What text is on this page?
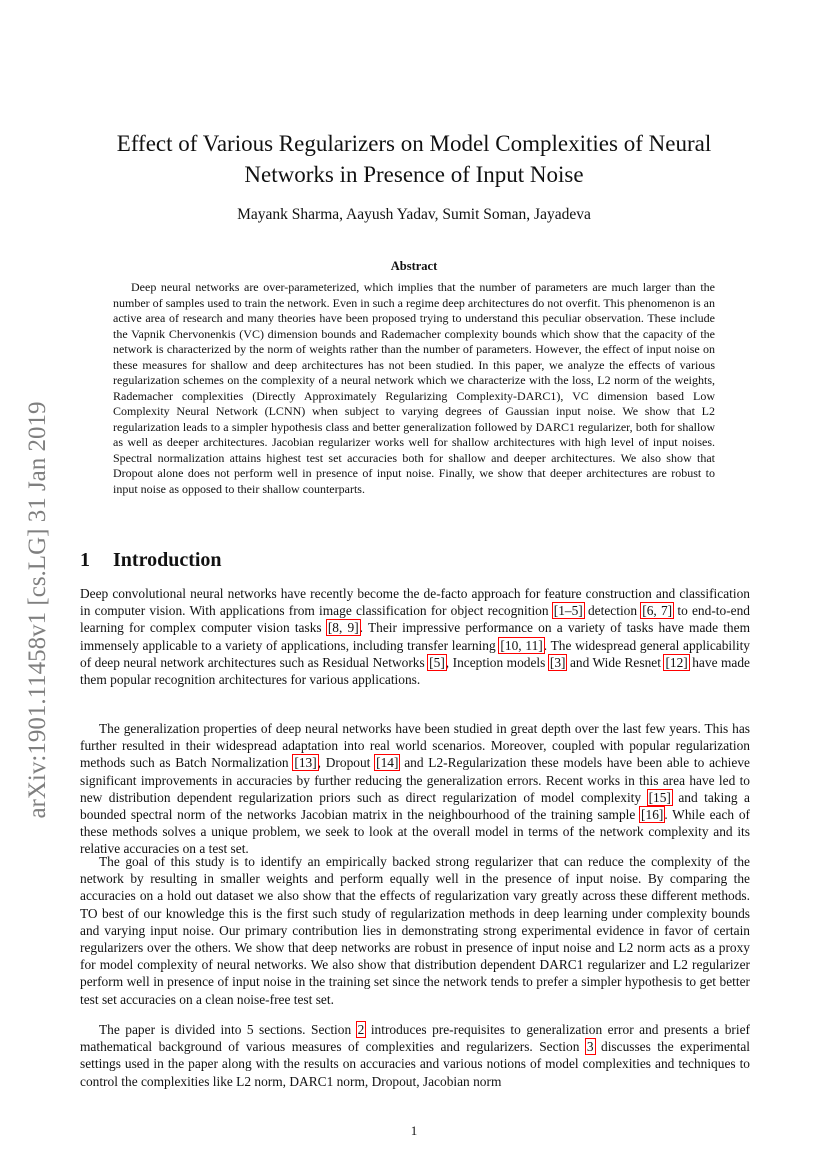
arXiv:1901.11458v1 [cs.LG] 31 Jan 2019
Effect of Various Regularizers on Model Complexities of Neural Networks in Presence of Input Noise

Mayank Sharma, Aayush Yadav, Sumit Soman, Jayadeva

Abstract

Deep neural networks are over-parameterized, which implies that the number of parameters are much larger than the number of samples used to train the network. Even in such a regime deep architectures do not overfit. This phenomenon is an active area of research and many theories have been proposed trying to understand this peculiar observation. These include the Vapnik Chervonenkis (VC) dimension bounds and Rademacher complexity bounds which show that the capacity of the network is characterized by the norm of weights rather than the number of parameters. However, the effect of input noise on these measures for shallow and deep architectures has not been studied. In this paper, we analyze the effects of various regularization schemes on the complexity of a neural network which we characterize with the loss, L2 norm of the weights, Rademacher complexities (Directly Approximately Regularizing Complexity-DARC1), VC dimension based Low Complexity Neural Network (LCNN) when subject to varying degrees of Gaussian input noise. We show that L2 regularization leads to a simpler hypothesis class and better generalization followed by DARC1 regularizer, both for shallow as well as deeper architectures. Jacobian regularizer works well for shallow architectures with high level of input noises. Spectral normalization attains highest test set accuracies both for shallow and deeper architectures. We also show that Dropout alone does not perform well in presence of input noise. Finally, we show that deeper architectures are robust to input noise as opposed to their shallow counterparts.

1 Introduction

Deep convolutional neural networks have recently become the de-facto approach for feature construction and classification in computer vision. With applications from image classification for object recognition [1–5] detection [6, 7] to end-to-end learning for complex computer vision tasks [8, 9]. Their impressive performance on a variety of tasks have made them immensely applicable to a variety of applications, including transfer learning [10, 11]. The widespread general applicability of deep neural network architectures such as Residual Networks [5], Inception models [3] and Wide Resnet [12] have made them popular recognition architectures for various applications.

The generalization properties of deep neural networks have been studied in great depth over the last few years. This has further resulted in their widespread adaptation into real world scenarios. Moreover, coupled with popular regularization methods such as Batch Normalization [13], Dropout [14] and L2-Regularization these models have been able to achieve significant improvements in accuracies by further reducing the generalization errors. Recent works in this area have led to new distribution dependent regularization priors such as direct regularization of model complexity [15] and taking a bounded spectral norm of the networks Jacobian matrix in the neighbourhood of the training sample [16]. While each of these methods solves a unique problem, we seek to look at the overall model in terms of the network complexity and its relative accuracies on a test set.

The goal of this study is to identify an empirically backed strong regularizer that can reduce the complexity of the network by resulting in smaller weights and perform equally well in the presence of input noise. By comparing the accuracies on a hold out dataset we also show that the effects of regularization vary greatly across these different methods. TO best of our knowledge this is the first such study of regularization methods in deep learning under complexity bounds and varying input noise. Our primary contribution lies in demonstrating strong experimental evidence in favor of certain regularizers over the others. We show that deep networks are robust in presence of input noise and L2 norm acts as a proxy for model complexity of neural networks. We also show that distribution dependent DARC1 regularizer and L2 regularizer perform well in presence of input noise in the training set since the network tends to prefer a simpler hypothesis to get better test set accuracies on a clean noise-free test set.

The paper is divided into 5 sections. Section 2 introduces pre-requisites to generalization error and presents a brief mathematical background of various measures of complexities and regularizers. Section 3 discusses the experimental settings used in the paper along with the results on accuracies and various notions of model complexities and techniques to control the complexities like L2 norm, DARC1 norm, Dropout, Jacobian norm

1
